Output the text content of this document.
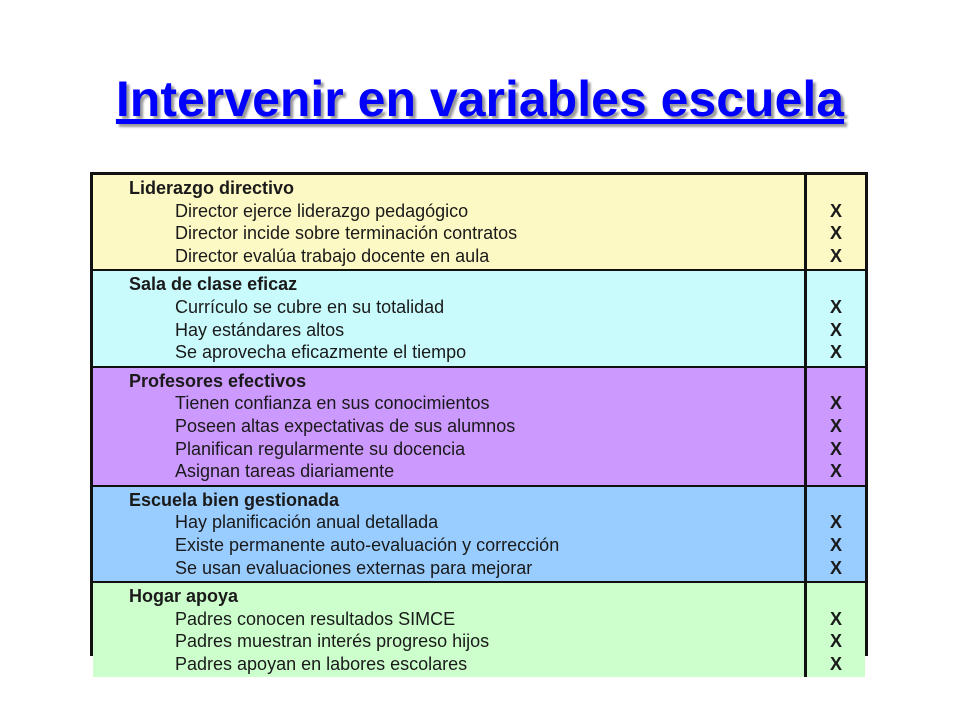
Intervenir en variables escuela
Liderazgo directivo
Director ejerce liderazgo pedagógico
Director incide sobre terminación contratos
Director evalúa trabajo docente en aula
X
X
X
Sala de clase eficaz
Currículo se cubre en su totalidad
Hay estándares altos
Se aprovecha eficazmente el tiempo
X
X
X
Profesores efectivos
Tienen confianza en sus conocimientos
Poseen altas expectativas de sus alumnos
Planifican regularmente su docencia
Asignan tareas diariamente
X
X
X
X
Escuela bien gestionada
Hay planificación anual detallada
Existe permanente auto-evaluación y corrección
Se usan evaluaciones externas para mejorar
X
X
X
Hogar apoya
Padres conocen resultados SIMCE
Padres muestran interés progreso hijos
Padres apoyan en labores escolares
X
X
X
